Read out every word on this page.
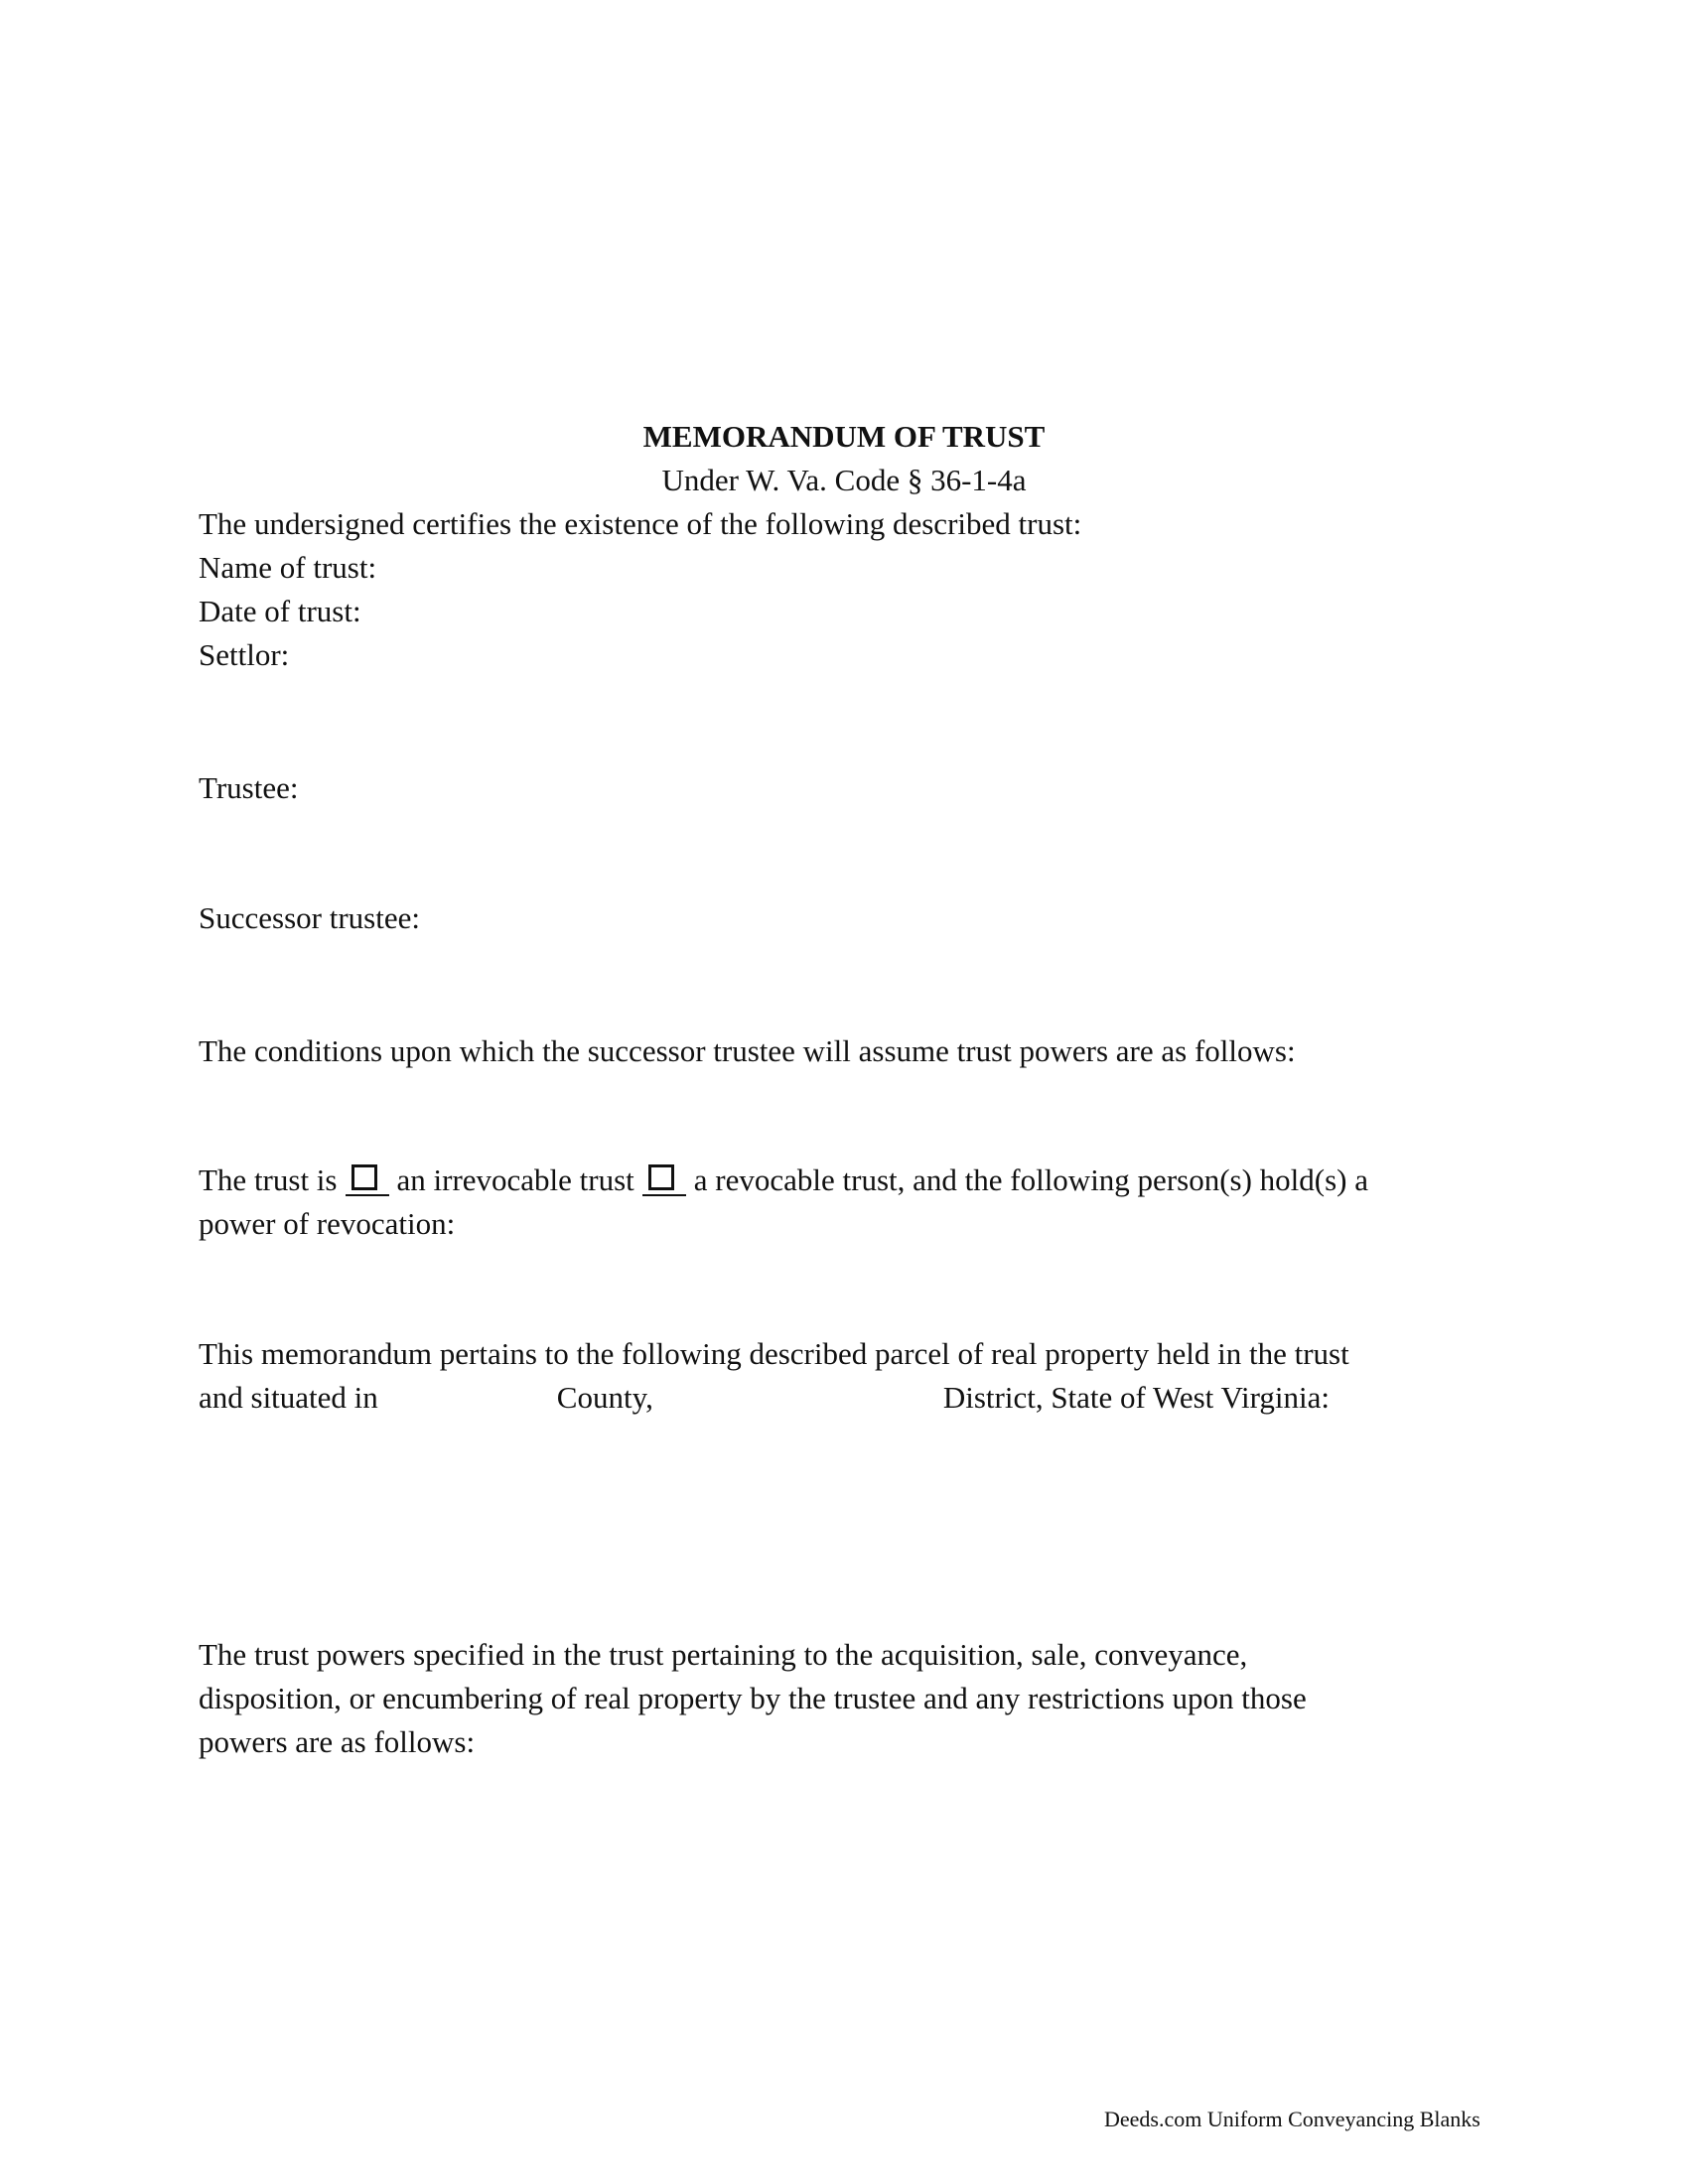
MEMORANDUM OF TRUST
Under W. Va. Code § 36-1-4a
The undersigned certifies the existence of the following described trust:
Name of trust:
Date of trust:
Settlor:
Trustee:
Successor trustee:
The conditions upon which the successor trustee will assume trust powers are as follows:
The trust is an irrevocable trust a revocable trust, and the following person(s) hold(s) a
power of revocation:
This memorandum pertains to the following described parcel of real property held in the trust
and situated in	County,	District, State of West Virginia:
The trust powers specified in the trust pertaining to the acquisition, sale, conveyance,
disposition, or encumbering of real property by the trustee and any restrictions upon those
powers are as follows:
Deeds.com Uniform Conveyancing Blanks
